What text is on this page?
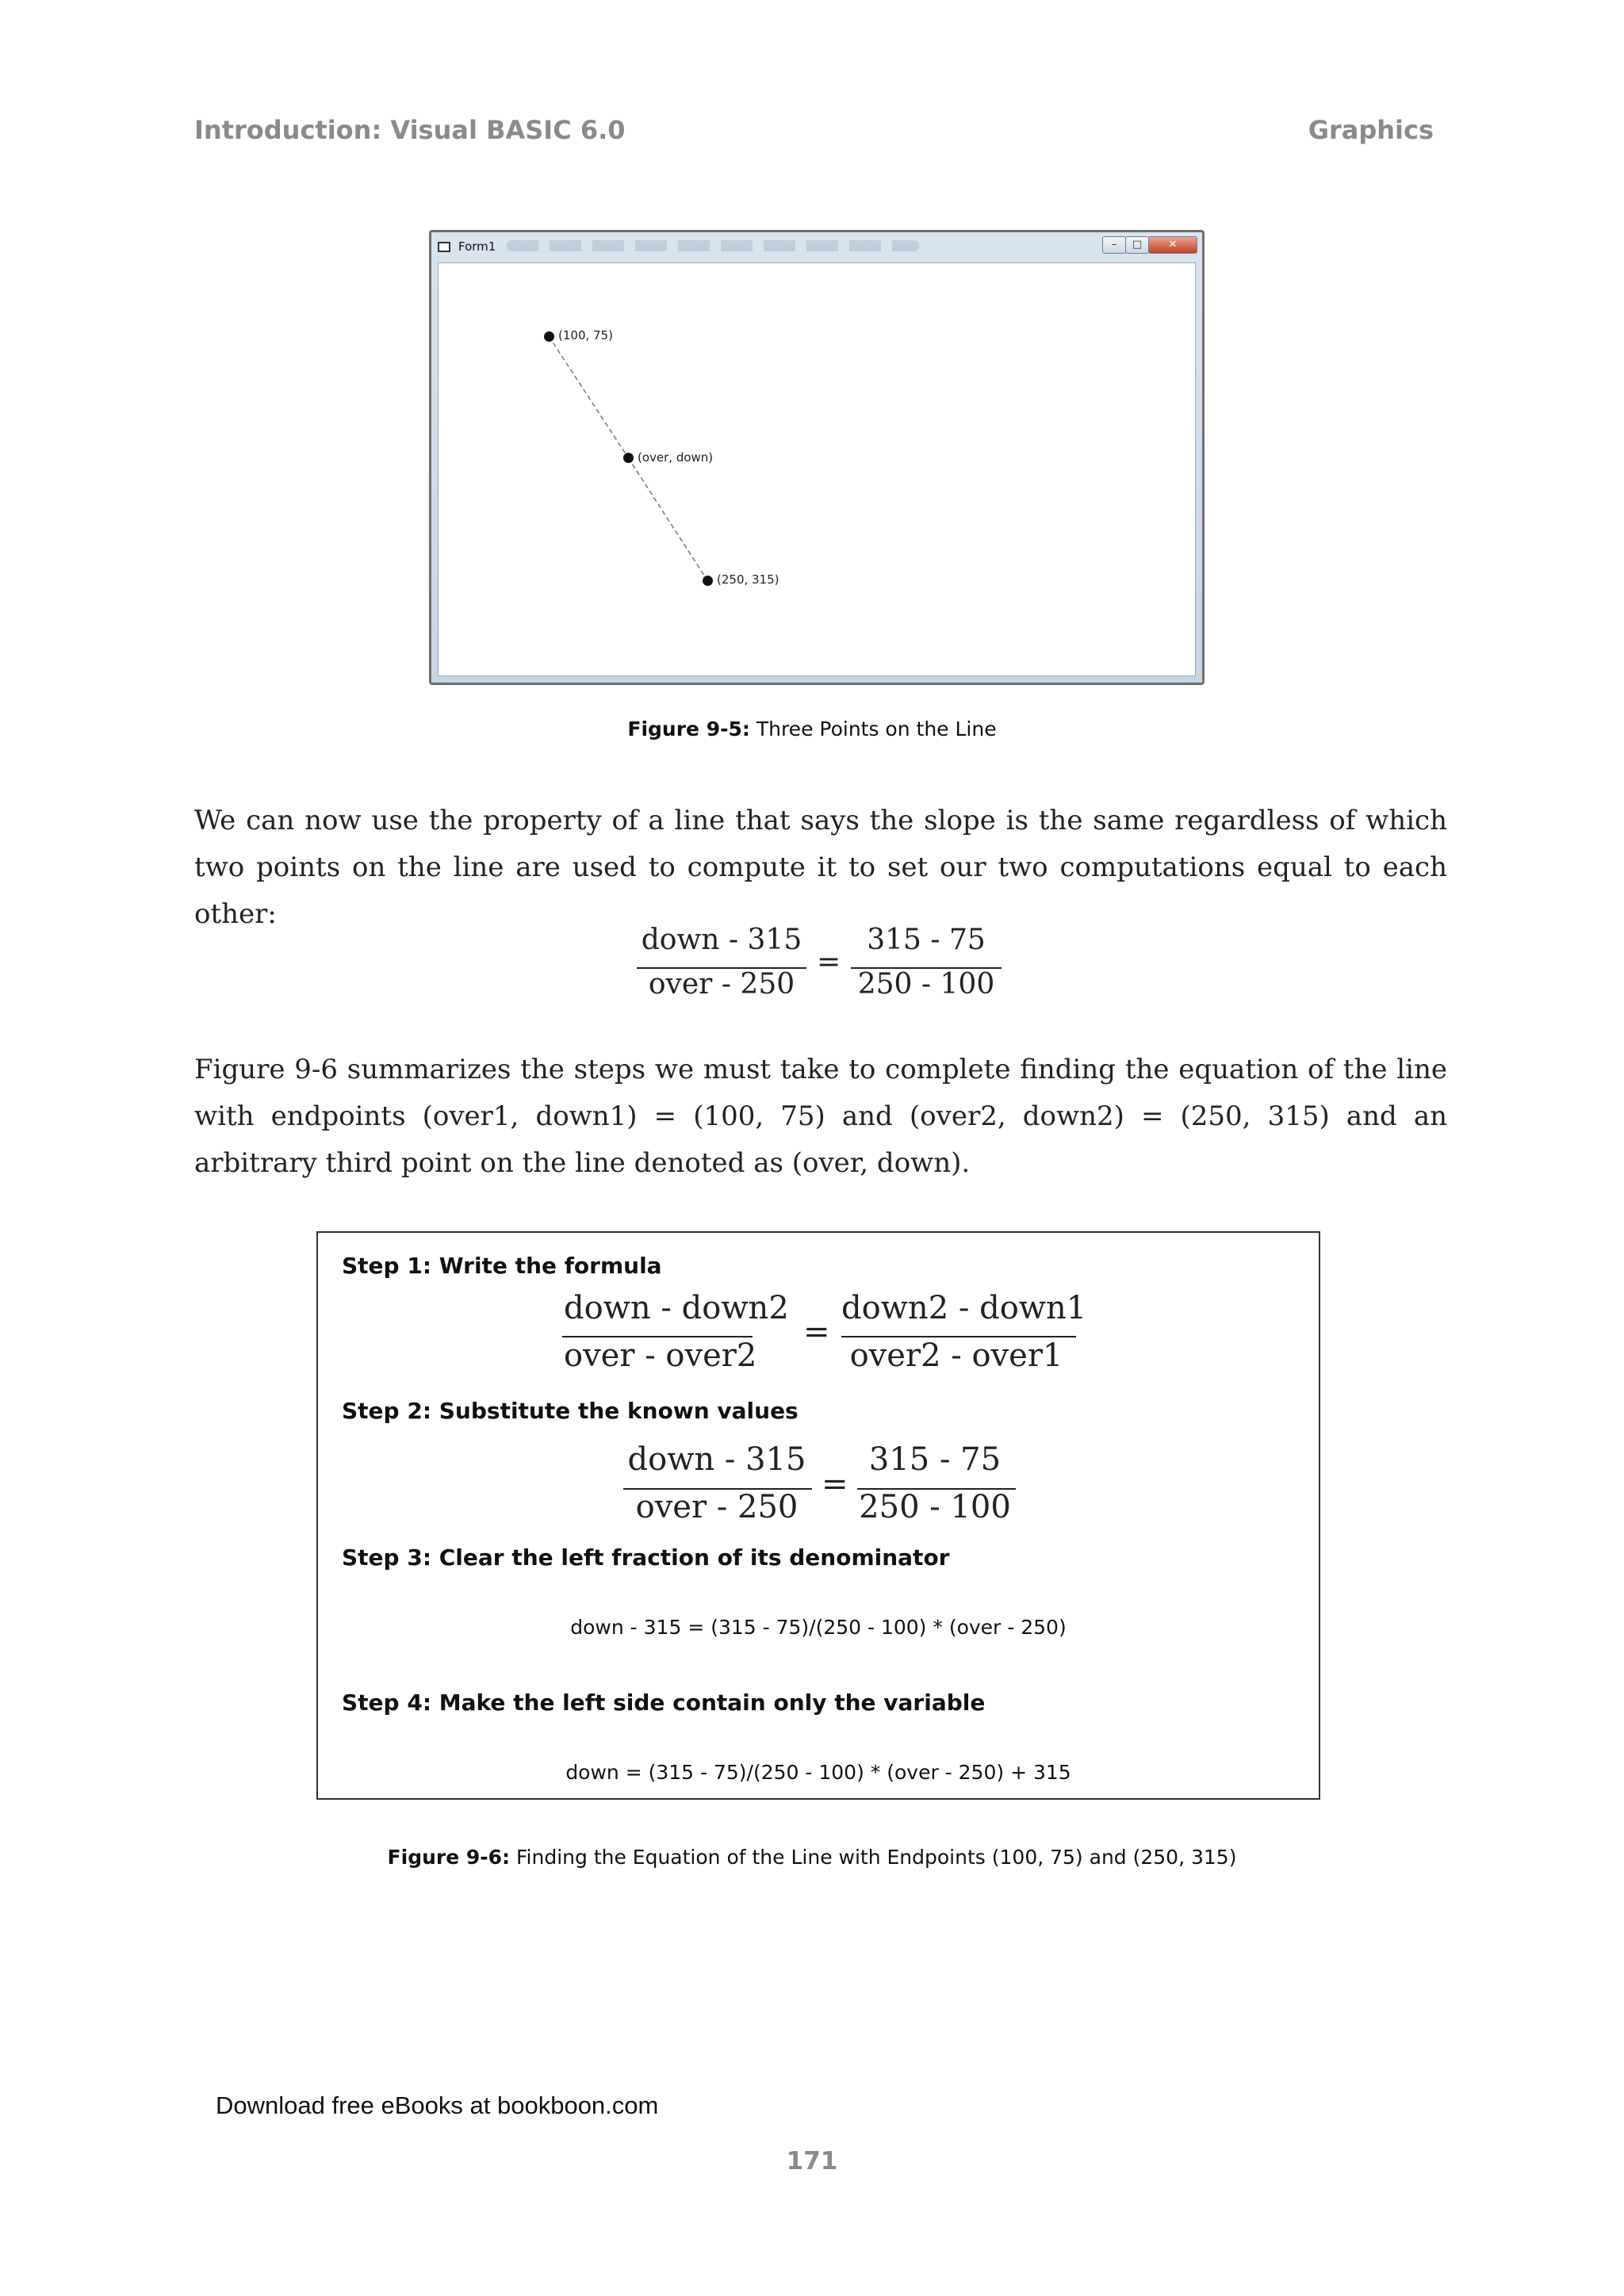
Introduction: Visual BASIC 6.0	Graphics
Form1	–	□	✕
(100, 75)
(over, down)
(250, 315)
Figure 9-5: Three Points on the Line
We can now use the property of a line that says the slope is the same regardless of which two points on the line are used to compute it to set our two computations equal to each other:
down - 315
over - 250
=
315 - 75
250 - 100
Figure 9-6 summarizes the steps we must take to complete finding the equation of the line with endpoints (over1, down1) = (100, 75) and (over2, down2) = (250, 315) and an arbitrary third point on the line denoted as (over, down).
Step 1: Write the formula
down - down2
over - over2
=
down2 - down1
over2 - over1
Step 2: Substitute the known values
down - 315
over - 250
=
315 - 75
250 - 100
Step 3: Clear the left fraction of its denominator
down - 315 = (315 - 75)/(250 - 100) * (over - 250)
Step 4: Make the left side contain only the variable
down = (315 - 75)/(250 - 100) * (over - 250) + 315
Figure 9-6: Finding the Equation of the Line with Endpoints (100, 75) and (250, 315)
Download free eBooks at bookboon.com
171
